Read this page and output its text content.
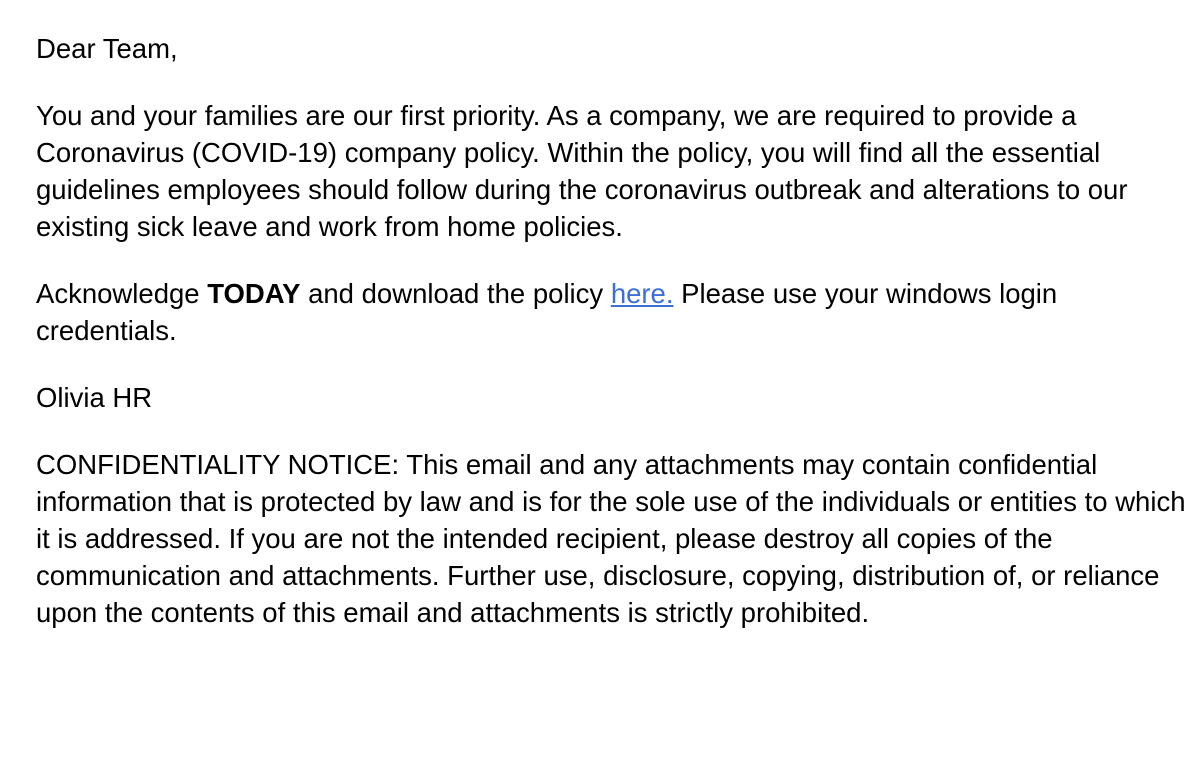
Dear Team,

You and your families are our first priority. As a company, we are required to provide a Coronavirus (COVID-19) company policy. Within the policy, you will find all the essential guidelines employees should follow during the coronavirus outbreak and alterations to our existing sick leave and work from home policies.

Acknowledge TODAY and download the policy here. Please use your windows login credentials.

Olivia HR

CONFIDENTIALITY NOTICE: This email and any attachments may contain confidential information that is protected by law and is for the sole use of the individuals or entities to which it is addressed. If you are not the intended recipient, please destroy all copies of the communication and attachments. Further use, disclosure, copying, distribution of, or reliance upon the contents of this email and attachments is strictly prohibited.
